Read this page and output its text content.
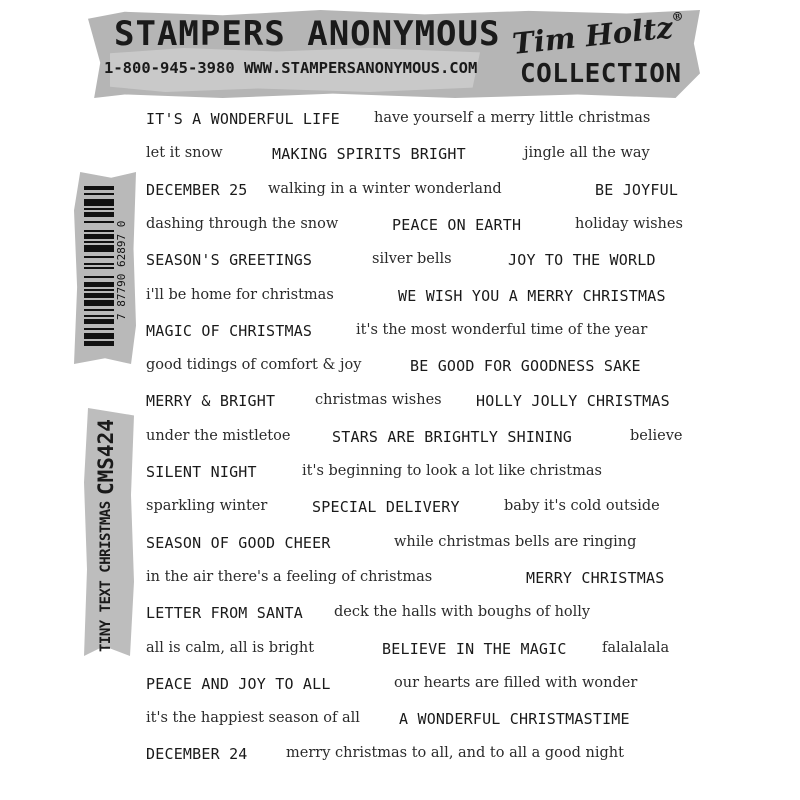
STAMPERS ANONYMOUS
1-800-945-3980 WWW.STAMPERSANONYMOUS.COM
Tim Holtz®
COLLECTION
7 87790 62897 0
TINY TEXT CHRISTMAS
CMS424
IT'S A WONDERFUL LIFE have yourself a merry little christmas
let it snow	MAKING SPIRITS BRIGHT	jingle all the way
DECEMBER 25 walking in a winter wonderland	BE JOYFUL
dashing through the snow	PEACE ON EARTH	holiday wishes
SEASON'S GREETINGS	silver bells	JOY TO THE WORLD
i'll be home for christmas	WE WISH YOU A MERRY CHRISTMAS
MAGIC OF CHRISTMAS	it's the most wonderful time of the year
good tidings of comfort & joy	BE GOOD FOR GOODNESS SAKE
MERRY & BRIGHT	christmas wishes HOLLY JOLLY CHRISTMAS
under the mistletoe	STARS ARE BRIGHTLY SHINING	believe
SILENT NIGHT	it's beginning to look a lot like christmas
sparkling winter	SPECIAL DELIVERY	baby it's cold outside
SEASON OF GOOD CHEER	while christmas bells are ringing
in the air there's a feeling of christmas	MERRY CHRISTMAS
LETTER FROM SANTA deck the halls with boughs of holly
all is calm, all is bright	BELIEVE IN THE MAGIC falalalala
PEACE AND JOY TO ALL	our hearts are filled with wonder
it's the happiest season of all	A WONDERFUL CHRISTMASTIME
DECEMBER 24	merry christmas to all, and to all a good night
